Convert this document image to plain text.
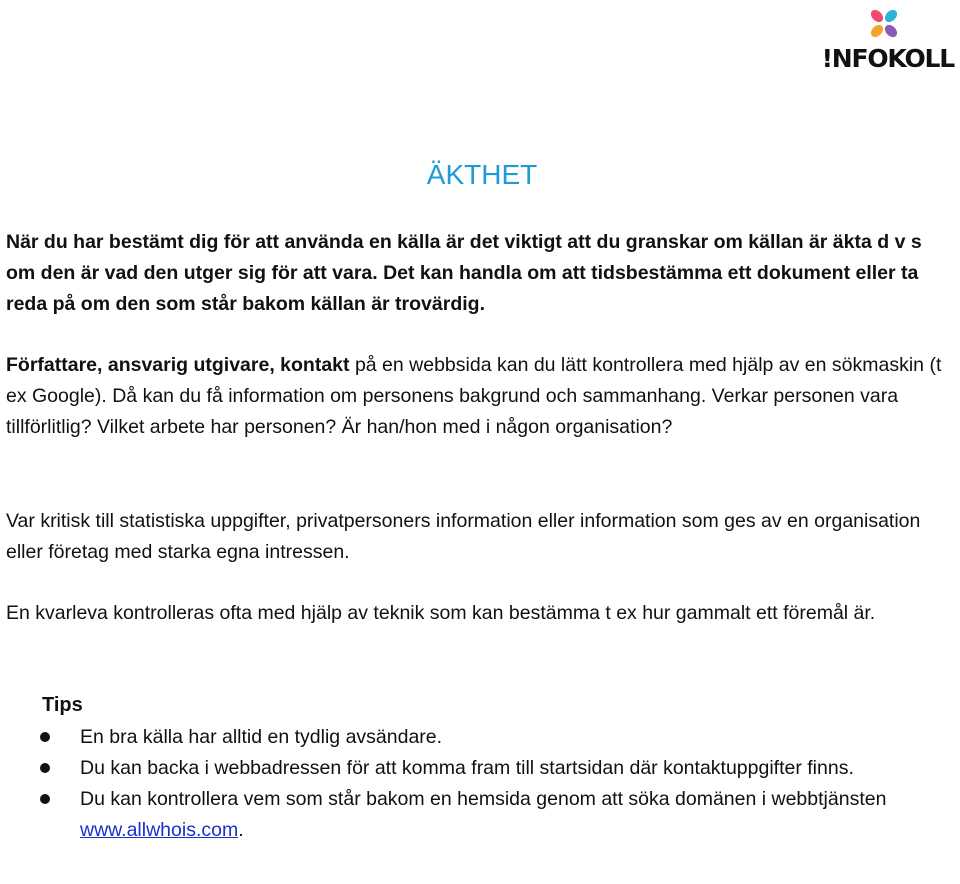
!NFOKOLL
ÄKTHET

När du har bestämt dig för att använda en källa är det viktigt att du granskar om källan är äkta d v s om den är vad den utger sig för att vara. Det kan handla om att tidsbestämma ett dokument eller ta reda på om den som står bakom källan är trovärdig.

Författare, ansvarig utgivare, kontakt på en webbsida kan du lätt kontrollera med hjälp av en sökmaskin (t ex Google). Då kan du få information om personens bakgrund och sammanhang. Verkar personen vara tillförlitlig? Vilket arbete har personen? Är han/hon med i någon organisation?

Var kritisk till statistiska uppgifter, privatpersoners information eller information som ges av en organisation eller företag med starka egna intressen.

En kvarleva kontrolleras ofta med hjälp av teknik som kan bestämma t ex hur gammalt ett föremål är.

Tips

En bra källa har alltid en tydlig avsändare.
Du kan backa i webbadressen för att komma fram till startsidan där kontaktuppgifter finns.
Du kan kontrollera vem som står bakom en hemsida genom att söka domänen i webbtjänsten www.allwhois.com.
